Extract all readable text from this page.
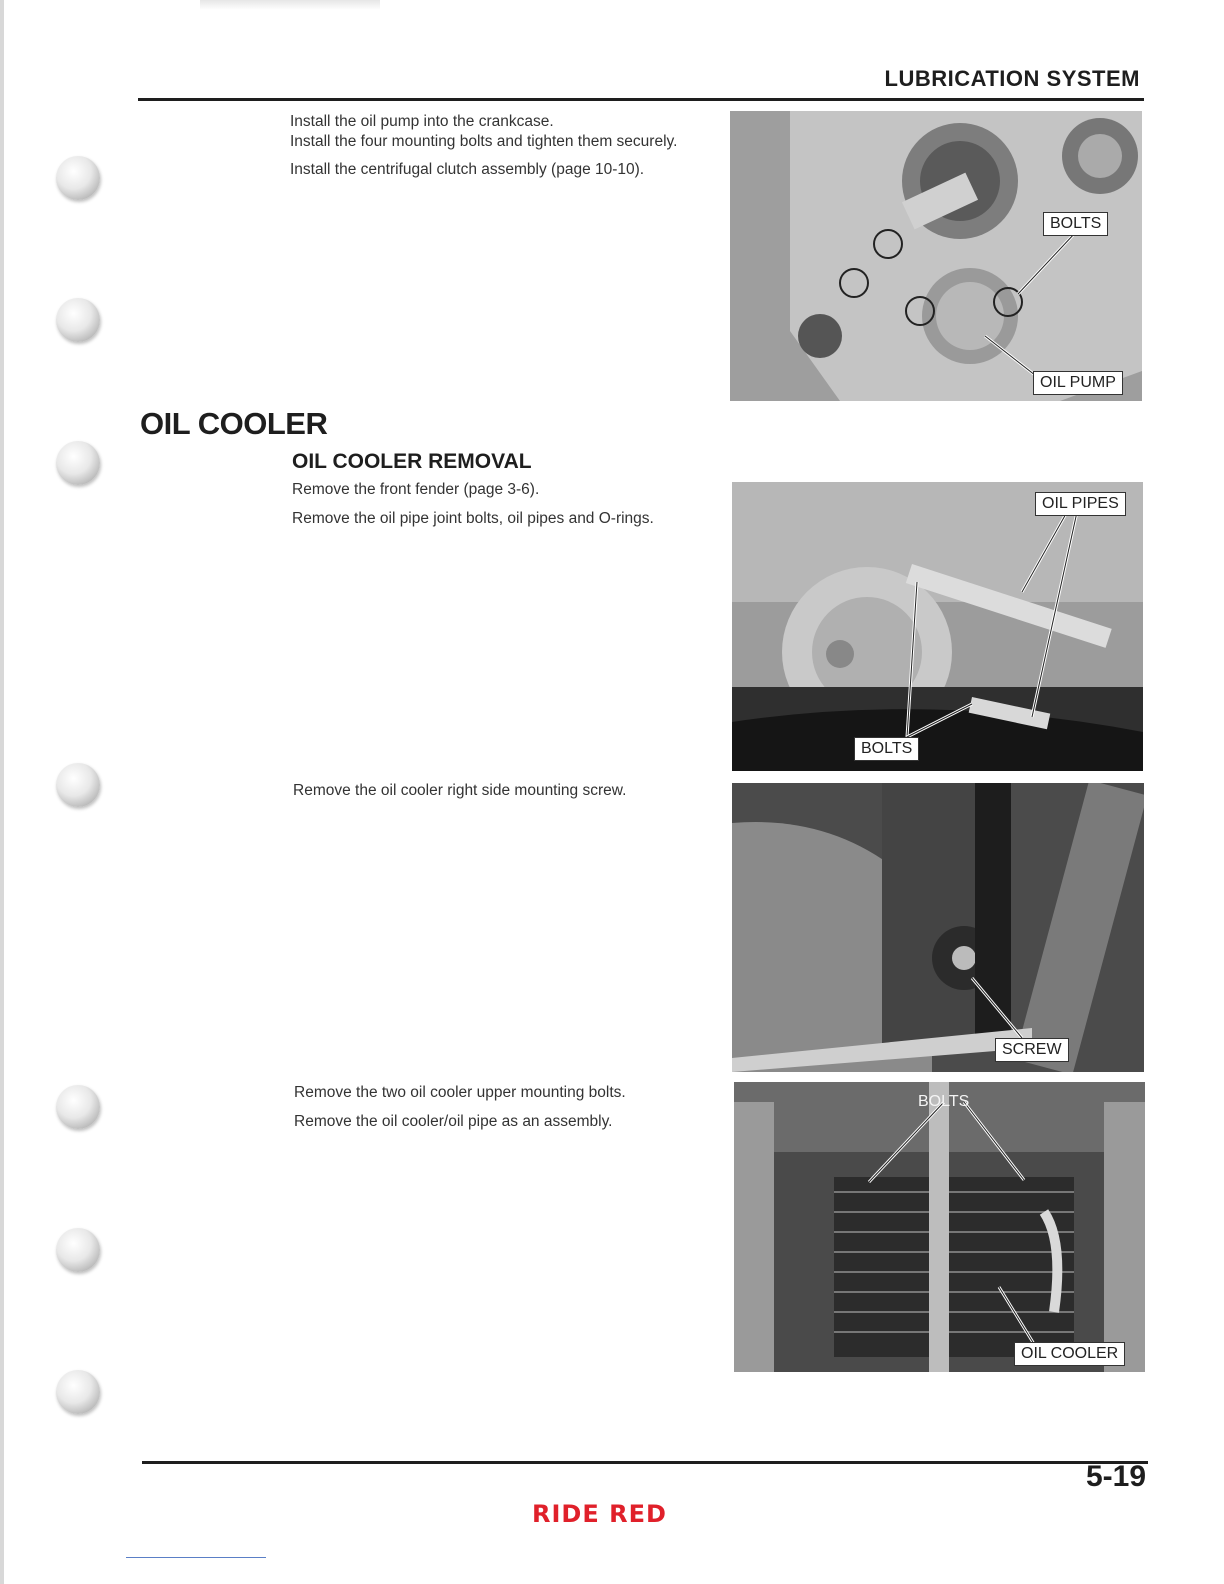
LUBRICATION SYSTEM
Install the oil pump into the crankcase.

Install the four mounting bolts and tighten them securely.

Install the centrifugal clutch assembly (page 10-10).

BOLTS
OIL PUMP
OIL COOLER
OIL COOLER REMOVAL

Remove the front fender (page 3-6).

Remove the oil pipe joint bolts, oil pipes and O-rings.

OIL PIPES
BOLTS

Remove the oil cooler right side mounting screw.

SCREW

Remove the two oil cooler upper mounting bolts.

Remove the oil cooler/oil pipe as an assembly.

BOLTS
OIL COOLER
5-19
RIDE RED
